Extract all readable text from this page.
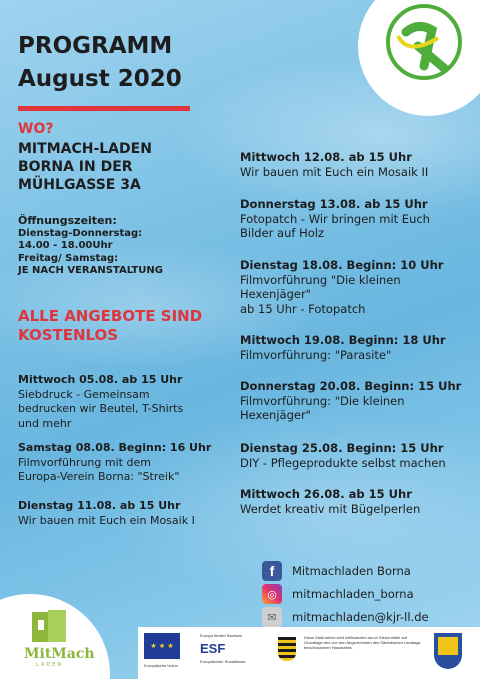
PROGRAMM
August 2020
WO?
MITMACH-LADEN
BORNA IN DER
MÜHLGASSE 3A
Öffnungszeiten:
Dienstag-Donnerstag:
14.00 - 18.00Uhr
Freitag/ Samstag:
JE NACH VERANSTALTUNG
ALLE ANGEBOTE SIND
KOSTENLOS
Mittwoch 05.08. ab 15 Uhr
Siebdruck - Gemeinsam
bedrucken wir Beutel, T-Shirts
und mehr
Samstag 08.08. Beginn: 16 Uhr
Filmvorführung mit dem
Europa-Verein Borna: "Streik"
Dienstag 11.08. ab 15 Uhr
Wir bauen mit Euch ein Mosaik I
Mittwoch 12.08. ab 15 Uhr
Wir bauen mit Euch ein Mosaik II
Donnerstag 13.08. ab 15 Uhr
Fotopatch - Wir bringen mit Euch
Bilder auf Holz
Dienstag 18.08. Beginn: 10 Uhr
Filmvorführung "Die kleinen
Hexenjäger"
ab 15 Uhr - Fotopatch
Mittwoch 19.08. Beginn: 18 Uhr
Filmvorführung: "Parasite"
Donnerstag 20.08. Beginn: 15 Uhr
Filmvorführung: "Die kleinen
Hexenjäger"
Dienstag 25.08. Beginn: 15 Uhr
DIY - Pflegeprodukte selbst machen
Mittwoch 26.08. ab 15 Uhr
Werdet kreativ mit Bügelperlen
f	Mitmachladen Borna
◎	mitmachladen_borna
✉	mitmachladen@kjr-ll.de
MitMach
LADEN
★ ★ ★
Europäische Union
Europa fördert Sachsen.
ESF
Europäischer Sozialfonds
Diese Maßnahme wird mitfinanziert durch Steuermittel auf Grundlage des von den Abgeordneten des Sächsischen Landtags beschlossenen Haushaltes.
